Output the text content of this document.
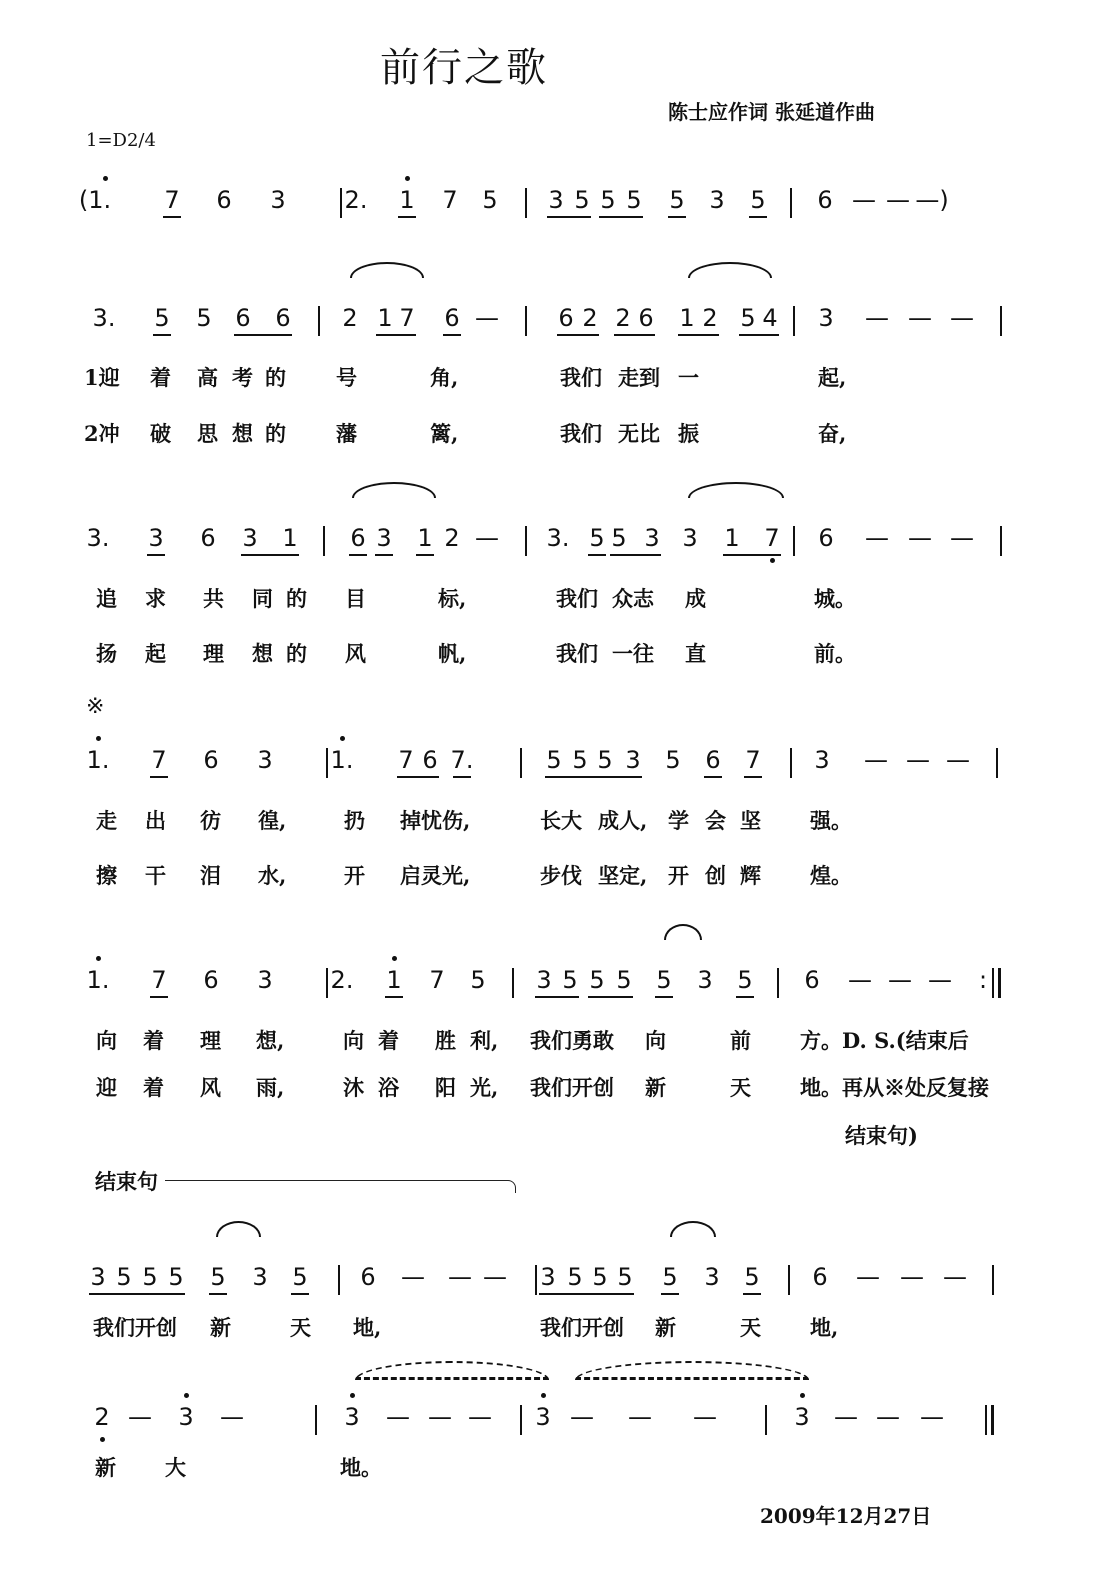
前行之歌
陈士应作词 张延道作曲
1=D2/4
※
结束句
2009年12月27日
(1.	7	6	3	2.	1	7	5	3 5 5 5	5	3	5	6 — — —)
3.	5	5 6	6	2 1 7	6 —	6 2 2 6	1 2 5 4	3	— — —
1迎 着 高 考 的 号	角,	我们 走到 一	起,
2冲 破 思 想 的 藩	篱,	我们 无比 振	奋,
3.	3	6	3	1	6 3	1 2 — 3. 5 5 3 3	1	7	6	— — —
追 求 共 同 的 目	标,	我们 众志 成	城。
扬 起 理 想 的 风	帆,	我们 一往 直	前。
1.	7	6	3	1.	7 6 7.	5 5 5 3	5	6	7	3	— — —
走 出 彷 徨,	扔 掉忧伤,	长大 成人, 学 会 坚 强。
擦 干 泪 水,	开 启灵光,	步伐 坚定, 开 创 辉 煌。
1.	7	6	3	2.	1	7	5	3 5 5 5	5	3	5	6	— — —	:
向 着 理 想,	向 着 胜 利, 我们勇敢 向	前 方。D. S.(结束后
迎 着 风 雨,	沐 浴 阳 光, 我们开创 新	天 地。再从※处反复接
结束句)
3 5 5 5	5	3	5	6	— — —	3 5 5 5	5	3	5	6	— — —
我们开创 新	天 地,	我们开创 新	天 地,
2 —	3	—	3	— — —	3 — — —	3	— — —
新 大	地。
